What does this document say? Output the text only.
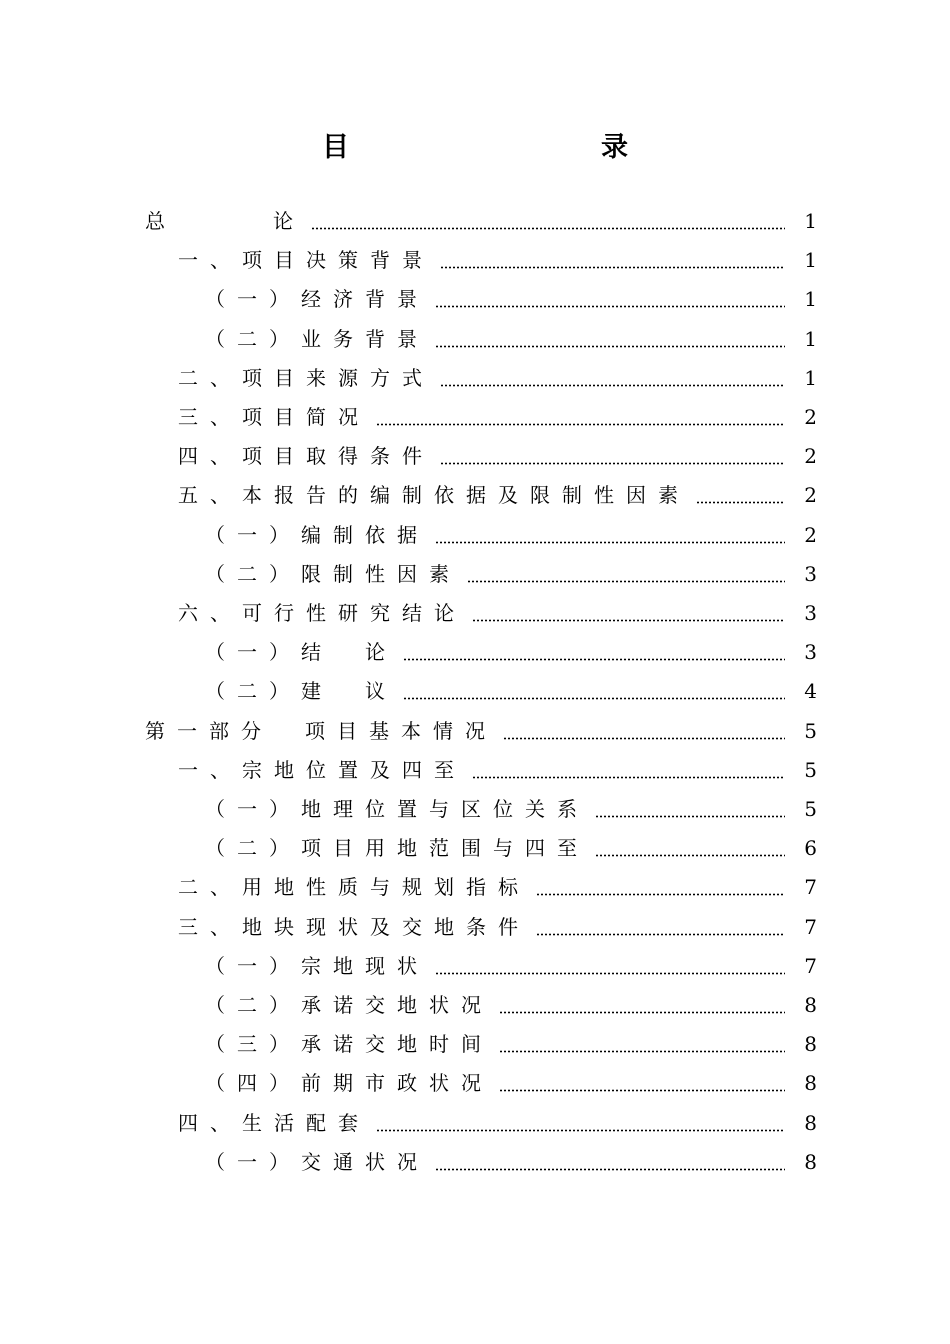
目　　录
总　　　论	1
一、项目决策背景	1
（一）经济背景	1
（二）业务背景	1
二、项目来源方式	1
三、项目简况	2
四、项目取得条件	2
五、本报告的编制依据及限制性因素	2
（一）编制依据	2
（二）限制性因素	3
六、可行性研究结论	3
（一）结　论	3
（二）建　议	4
第一部分　项目基本情况	5
一、宗地位置及四至	5
（一）地理位置与区位关系	5
（二）项目用地范围与四至	6
二、用地性质与规划指标	7
三、地块现状及交地条件	7
（一）宗地现状	7
（二）承诺交地状况	8
（三）承诺交地时间	8
（四）前期市政状况	8
四、生活配套	8
（一）交通状况	8
